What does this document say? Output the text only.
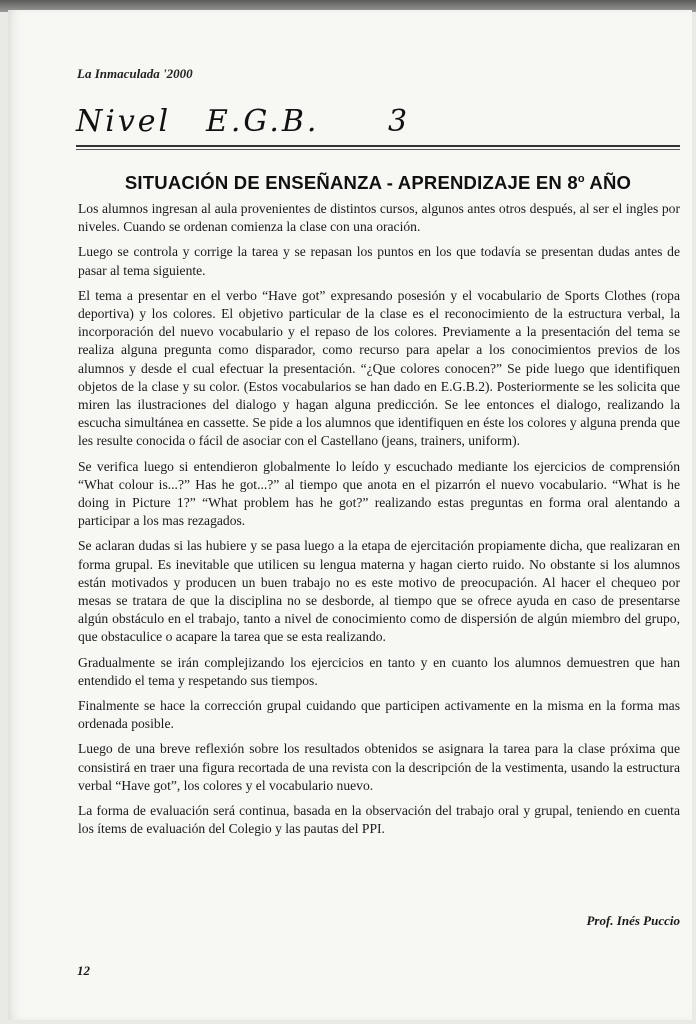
La Inmaculada '2000
Nivel E.G.B. 3
SITUACIÓN DE ENSEÑANZA - APRENDIZAJE EN 8$^o$ AÑO

Los alumnos ingresan al aula provenientes de distintos cursos, algunos antes otros después, al ser el ingles por niveles. Cuando se ordenan comienza la clase con una oración.

Luego se controla y corrige la tarea y se repasan los puntos en los que todavía se presentan dudas antes de pasar al tema siguiente.

El tema a presentar en el verbo “Have got” expresando posesión y el vocabulario de Sports Clothes (ropa deportiva) y los colores. El objetivo particular de la clase es el reconocimiento de la estructura verbal, la incorporación del nuevo vocabulario y el repaso de los colores. Previamente a la presentación del tema se realiza alguna pregunta como disparador, como recurso para apelar a los conocimientos previos de los alumnos y desde el cual efectuar la presentación. “¿Que colores conocen?” Se pide luego que identifiquen objetos de la clase y su color. (Estos vocabularios se han dado en E.G.B.2). Posteriormente se les solicita que miren las ilustraciones del dialogo y hagan alguna predicción. Se lee entonces el dialogo, realizando la escucha simultánea en cassette. Se pide a los alumnos que identifiquen en éste los colores y alguna prenda que les resulte conocida o fácil de asociar con el Castellano (jeans, trainers, uniform).

Se verifica luego si entendieron globalmente lo leído y escuchado mediante los ejercicios de comprensión “What colour is...?” Has he got...?” al tiempo que anota en el pizarrón el nuevo vocabulario. “What is he doing in Picture 1?” “What problem has he got?” realizando estas preguntas en forma oral alentando a participar a los mas rezagados.

Se aclaran dudas si las hubiere y se pasa luego a la etapa de ejercitación propiamente dicha, que realizaran en forma grupal. Es inevitable que utilicen su lengua materna y hagan cierto ruido. No obstante si los alumnos están motivados y producen un buen trabajo no es este motivo de preocupación. Al hacer el chequeo por mesas se tratara de que la disciplina no se desborde, al tiempo que se ofrece ayuda en caso de presentarse algún obstáculo en el trabajo, tanto a nivel de conocimiento como de dispersión de algún miembro del grupo, que obstaculice o acapare la tarea que se esta realizando.

Gradualmente se irán complejizando los ejercicios en tanto y en cuanto los alumnos demuestren que han entendido el tema y respetando sus tiempos.

Finalmente se hace la corrección grupal cuidando que participen activamente en la misma en la forma mas ordenada posible.

Luego de una breve reflexión sobre los resultados obtenidos se asignara la tarea para la clase próxima que consistirá en traer una figura recortada de una revista con la descripción de la vestimenta, usando la estructura verbal “Have got”, los colores y el vocabulario nuevo.

La forma de evaluación será continua, basada en la observación del trabajo oral y grupal, teniendo en cuenta los ítems de evaluación del Colegio y las pautas del PPI.

Prof. Inés Puccio
12
